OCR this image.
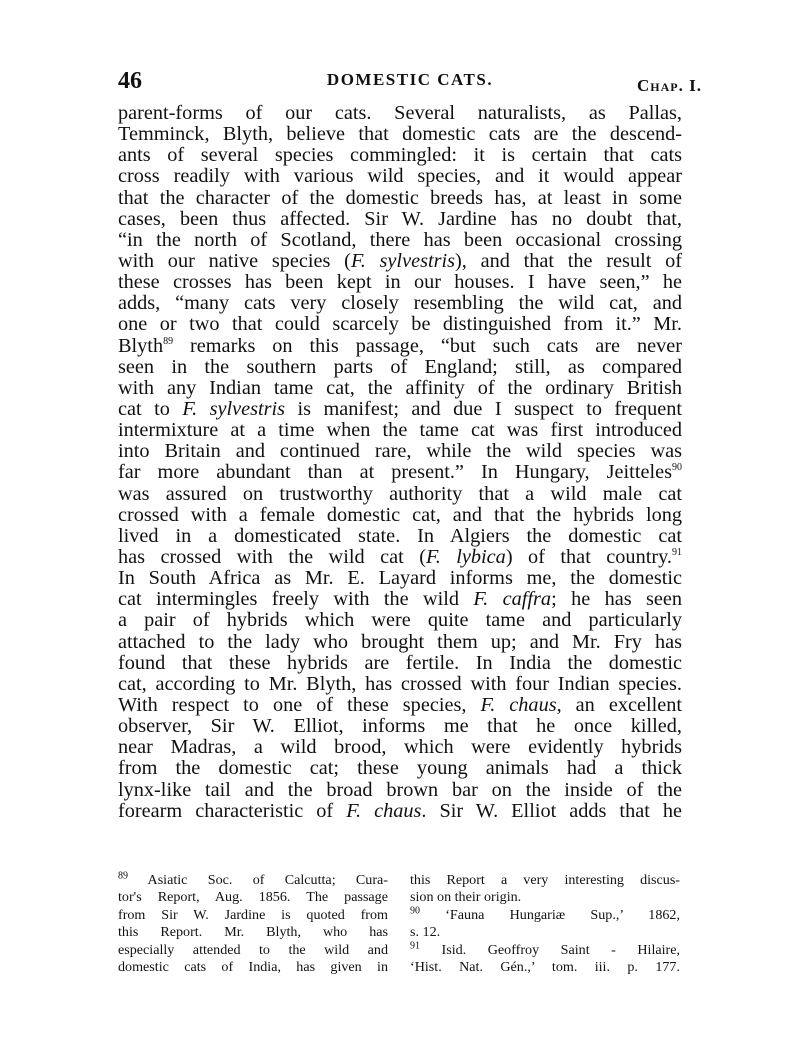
46	DOMESTIC CATS.	Chap. I.
parent-forms of our cats. Several naturalists, as Pallas,
Temminck, Blyth, believe that domestic cats are the descend-
ants of several species commingled: it is certain that cats
cross readily with various wild species, and it would appear
that the character of the domestic breeds has, at least in some
cases, been thus affected. Sir W. Jardine has no doubt that,
“in the north of Scotland, there has been occasional crossing
with our native species (F. sylvestris), and that the result of
these crosses has been kept in our houses. I have seen,” he
adds, “many cats very closely resembling the wild cat, and
one or two that could scarcely be distinguished from it.” Mr.
Blyth$^{89}$ remarks on this passage, “but such cats are never
seen in the southern parts of England; still, as compared
with any Indian tame cat, the affinity of the ordinary British
cat to F. sylvestris is manifest; and due I suspect to frequent
intermixture at a time when the tame cat was first introduced
into Britain and continued rare, while the wild species was
far more abundant than at present.” In Hungary, Jeitteles$^{90}$
was assured on trustworthy authority that a wild male cat
crossed with a female domestic cat, and that the hybrids long
lived in a domesticated state. In Algiers the domestic cat
has crossed with the wild cat (F. lybica) of that country.$^{91}$
In South Africa as Mr. E. Layard informs me, the domestic
cat intermingles freely with the wild F. caffra; he has seen
a pair of hybrids which were quite tame and particularly
attached to the lady who brought them up; and Mr. Fry has
found that these hybrids are fertile. In India the domestic
cat, according to Mr. Blyth, has crossed with four Indian species.
With respect to one of these species, F. chaus, an excellent
observer, Sir W. Elliot, informs me that he once killed,
near Madras, a wild brood, which were evidently hybrids
from the domestic cat; these young animals had a thick
lynx-like tail and the broad brown bar on the inside of the
forearm characteristic of F. chaus. Sir W. Elliot adds that he
$^{89}$ Asiatic Soc. of Calcutta; Cura-
tor's Report, Aug. 1856. The passage
from Sir W. Jardine is quoted from
this Report. Mr. Blyth, who has
especially attended to the wild and
domestic cats of India, has given in
this Report a very interesting discus-
sion on their origin.
$^{90}$ ‘Fauna Hungariæ Sup.,’ 1862,
s. 12.
$^{91}$ Isid. Geoffroy Saint - Hilaire,
‘Hist. Nat. Gén.,’ tom. iii. p. 177.
